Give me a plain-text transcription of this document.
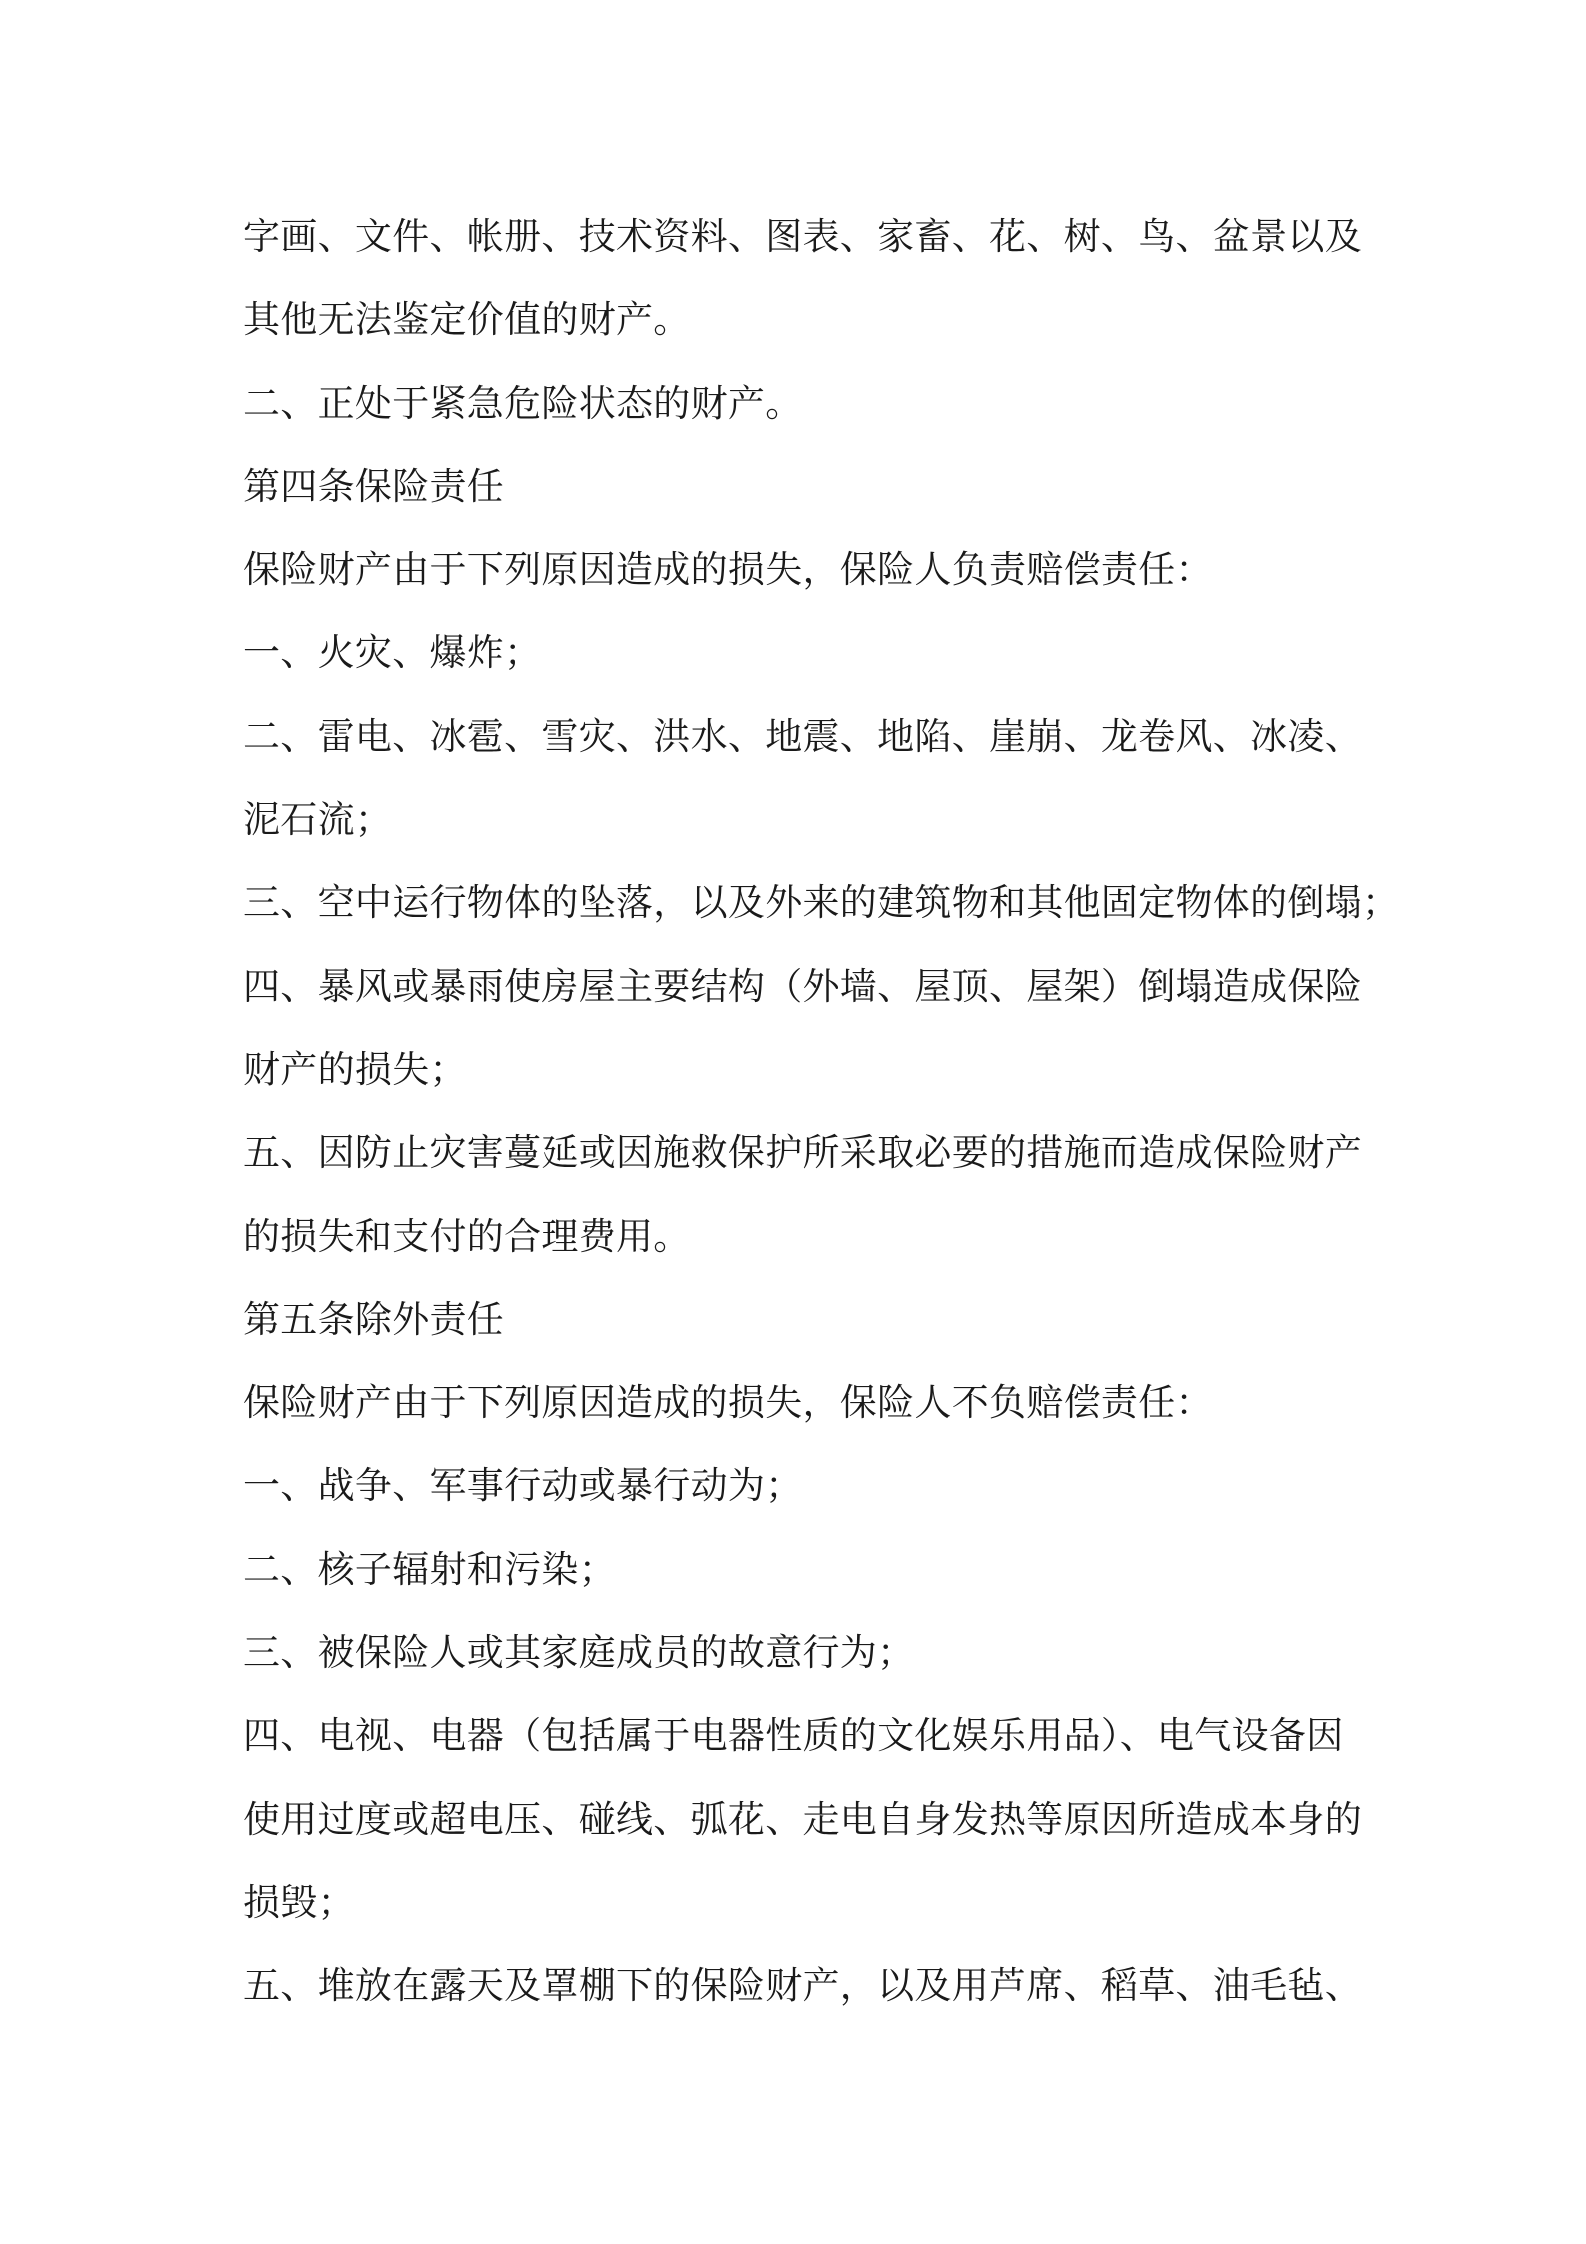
字画、文件、帐册、技术资料、图表、家畜、花、树、鸟、盆景以及
其他无法鉴定价值的财产。
二、正处于紧急危险状态的财产。
第四条保险责任
保险财产由于下列原因造成的损失，保险人负责赔偿责任：
一、火灾、爆炸；
二、雷电、冰雹、雪灾、洪水、地震、地陷、崖崩、龙卷风、冰凌、
泥石流；
三、空中运行物体的坠落，以及外来的建筑物和其他固定物体的倒塌；
四、暴风或暴雨使房屋主要结构（外墙、屋顶、屋架）倒塌造成保险
财产的损失；
五、因防止灾害蔓延或因施救保护所采取必要的措施而造成保险财产
的损失和支付的合理费用。
第五条除外责任
保险财产由于下列原因造成的损失，保险人不负赔偿责任：
一、战争、军事行动或暴行动为；
二、核子辐射和污染；
三、被保险人或其家庭成员的故意行为；
四、电视、电器（包括属于电器性质的文化娱乐用品）、电气设备因
使用过度或超电压、碰线、弧花、走电自身发热等原因所造成本身的
损毁；
五、堆放在露天及罩棚下的保险财产，以及用芦席、稻草、油毛毡、
